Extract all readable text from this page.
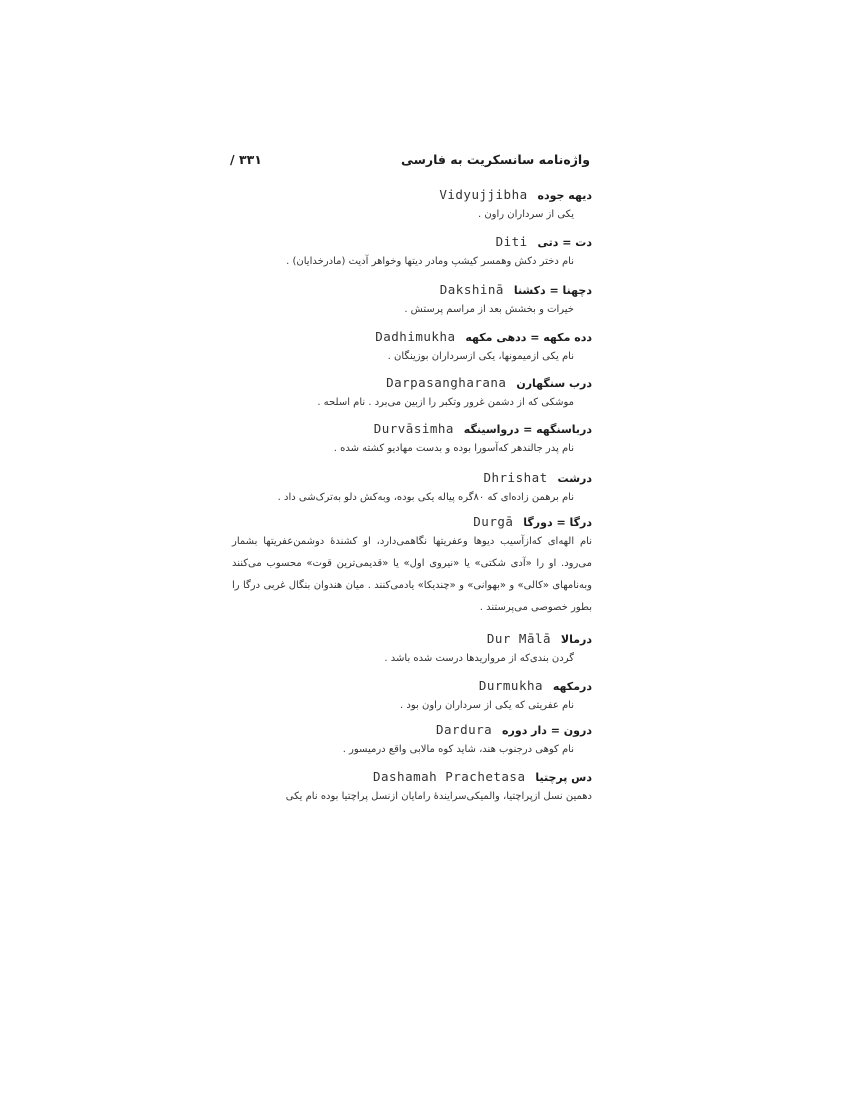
واژه‌نامه سانسکریت به فارسی
۳۳۱ /
دیهه جوده Vidyujjibha
یکی از سرداران راون .
دت = دتی Diti
نام دختر دکش وهمسر کیشپ ومادر دیتها وخواهر آدیت (مادرخدایان) .
دچهنا = دکشنا Dakshinā
خیرات و بخشش بعد از مراسم پرستش .
دده مکهه = ددهی مکهه Dadhimukha
نام یکی ازمیمونها، یکی ازسرداران بوزینگان .
درب سنگهارن Darpasangharana
موشکی که از دشمن غرور وتکبر را ازبین می‌برد . نام اسلحه .
درباسنگهه = درواسینگه Durvāsimha
نام پدر جالندهر که‌آسورا بوده و بدست مهادیو کشته شده .
درشت Dhrishat
نام برهمن زاده‌ای که ۸۰گره پیاله یکی بوده، وبه‌کش دلو به‌ترک‌شی داد .
درگا = دورگا Durgā
نام الهه‌ای که‌ازآسیب دیوها وعفریتها نگاهمی‌دارد، او کشندهٔ دوشمن‌عفریتها بشمار می‌رود. او را «آدی شکتی» یا «نیروی اول» یا «قدیمی‌ترین قوت» محسوب می‌کنند وبه‌نامهای «کالی» و «بهوانی» و «چندیکا» یادمی‌کنند . میان هندوان بنگال غربی درگا را بطور خصوصی می‌پرستند .
درمالا Dur Mālā
گردن بندی‌که از مرواریدها درست شده باشد .
درمکهه Durmukha
نام عفریتی که یکی از سرداران راون بود .
درون = دار دوره Dardura
نام کوهی درجنوب هند، شاید کوه مالابی واقع درمیسور .
دس پرچتیا Dashamah Prachetasa
دهمین نسل ازپراچتیا، والمیکی‌سرایندهٔ رامایان ازنسل پراچتیا بوده نام یکی
